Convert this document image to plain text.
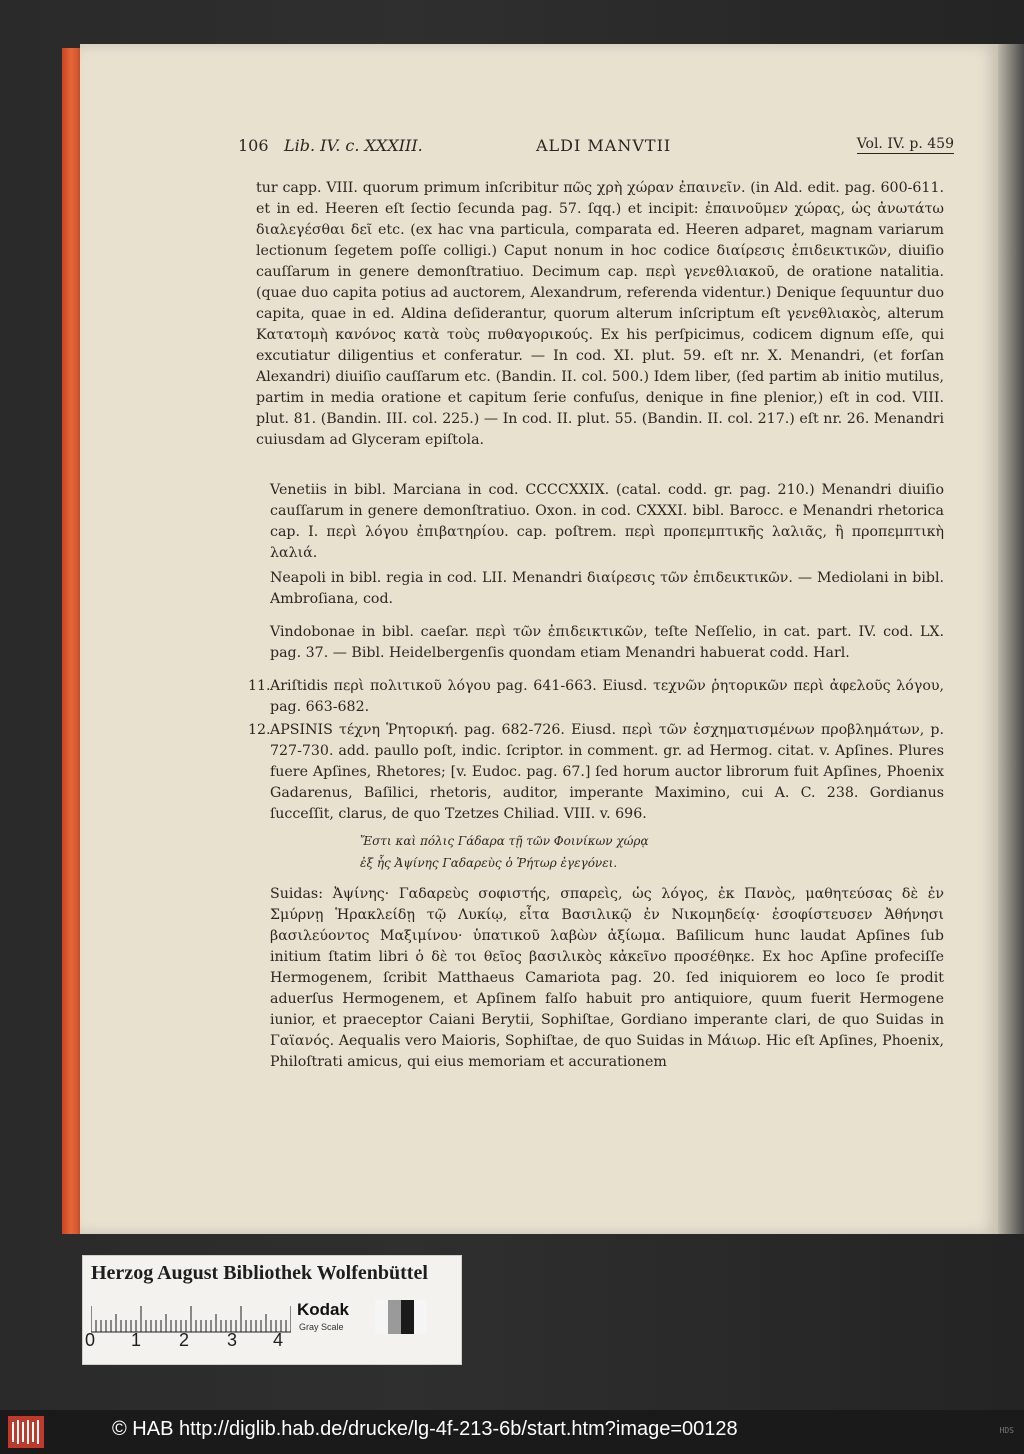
106 Lib. IV. c. XXXIII.	ALDI MANVTII	Vol. IV. p. 459
tur capp. VIII. quorum primum inſcribitur πῶς χρὴ χώραν ἐπαινεῖν. (in Ald. edit. pag. 600-611. et in ed. Heeren eſt ſectio ſecunda pag. 57. ſqq.) et incipit: ἐπαινοῦμεν χώρας, ὡς ἀνωτάτω διαλεγέσθαι δεῖ etc. (ex hac vna particula, comparata ed. Heeren adparet, magnam variarum lectionum ſegetem poſſe colligi.) Caput nonum in hoc codice διαίρεσις ἐπιδεικτικῶν, diuiſio cauſſarum in genere demonſtratiuo. Decimum cap. περὶ γενεθλιακοῦ, de oratione natalitia. (quae duo capita potius ad auctorem, Alexandrum, referenda videntur.) Denique ſequuntur duo capita, quae in ed. Aldina deſiderantur, quorum alterum inſcriptum eſt γενεθλιακὸς, alterum Κατατομὴ κανόνος κατὰ τοὺς πυθαγορικούς. Ex his perſpicimus, codicem dignum eſſe, qui excutiatur diligentius et conferatur. — In cod. XI. plut. 59. eſt nr. X. Menandri, (et forſan Alexandri) diuiſio cauſſarum etc. (Bandin. II. col. 500.) Idem liber, (ſed partim ab initio mutilus, partim in media oratione et capitum ſerie confuſus, denique in fine plenior,) eſt in cod. VIII. plut. 81. (Bandin. III. col. 225.) — In cod. II. plut. 55. (Bandin. II. col. 217.) eſt nr. 26. Menandri cuiusdam ad Glyceram epiſtola.
Venetiis in bibl. Marciana in cod. CCCCXXIX. (catal. codd. gr. pag. 210.) Menandri diuiſio cauſſarum in genere demonſtratiuo. Oxon. in cod. CXXXI. bibl. Barocc. e Menandri rhetorica cap. I. περὶ λόγου ἐπιβατηρίου. cap. poſtrem. περὶ προπεμπτικῆς λαλιᾶς, ἢ προπεμπτικὴ λαλιά.
Neapoli in bibl. regia in cod. LII. Menandri διαίρεσις τῶν ἐπιδεικτικῶν. — Mediolani in bibl. Ambroſiana, cod.
Vindobonae in bibl. caeſar. περὶ τῶν ἐπιδεικτικῶν, teſte Neſſelio, in cat. part. IV. cod. LX. pag. 37. — Bibl. Heidelbergenſis quondam etiam Menandri habuerat codd. Harl.
11. Ariſtidis περὶ πολιτικοῦ λόγου pag. 641-663. Eiusd. τεχνῶν ῥητορικῶν περὶ ἀφελοῦς λόγου, pag. 663-682.
12. APSINIS τέχνη Ῥητορική. pag. 682-726. Eiusd. περὶ τῶν ἐσχηματισμένων προβλημάτων, p. 727-730. add. paullo poſt, indic. ſcriptor. in comment. gr. ad Hermog. citat. v. Apſines. Plures fuere Apſines, Rhetores; [v. Eudoc. pag. 67.] ſed horum auctor librorum fuit Apſines, Phoenix Gadarenus, Baſilici, rhetoris, auditor, imperante Maximino, cui A. C. 238. Gordianus ſucceſſit, clarus, de quo Tzetzes Chiliad. VIII. v. 696.
Ἔστι καὶ πόλις Γάδαρα τῇ τῶν Φοινίκων χώρᾳ
ἐξ ἧς Ἀψίνης Γαδαρεὺς ὁ Ῥήτωρ ἐγεγόνει.
Suidas: Ἀψίνης· Γαδαρεὺς σοφιστής, σπαρεὶς, ὡς λόγος, ἐκ Πανὸς, μαθητεύσας δὲ ἐν Σμύρνῃ Ἡρακλείδῃ τῷ Λυκίῳ, εἶτα Βασιλικῷ ἐν Νικομηδείᾳ· ἐσοφίστευσεν Ἀθήνησι βασιλεύοντος Μαξιμίνου· ὑπατικοῦ λαβὼν ἀξίωμα. Baſilicum hunc laudat Apſines ſub initium ſtatim libri ὁ δὲ τοι θεῖος βασιλικὸς κἀκεῖνο προσέθηκε. Ex hoc Apſine profeciſſe Hermogenem, ſcribit Matthaeus Camariota pag. 20. ſed iniquiorem eo loco ſe prodit aduerſus Hermogenem, et Apſinem falſo habuit pro antiquiore, quum fuerit Hermogene iunior, et praeceptor Caiani Berytii, Sophiſtae, Gordiano imperante clari, de quo Suidas in Γαϊανός. Aequalis vero Maioris, Sophiſtae, de quo Suidas in Μάιωρ. Hic eſt Apſines, Phoenix, Philoſtrati amicus, qui eius memoriam et accurationem
Herzog August Bibliothek Wolfenbüttel
0 1 2 3 4
Kodak
Gray Scale
© HAB http://diglib.hab.de/drucke/lg-4f-213-6b/start.htm?image=00128	HDS
